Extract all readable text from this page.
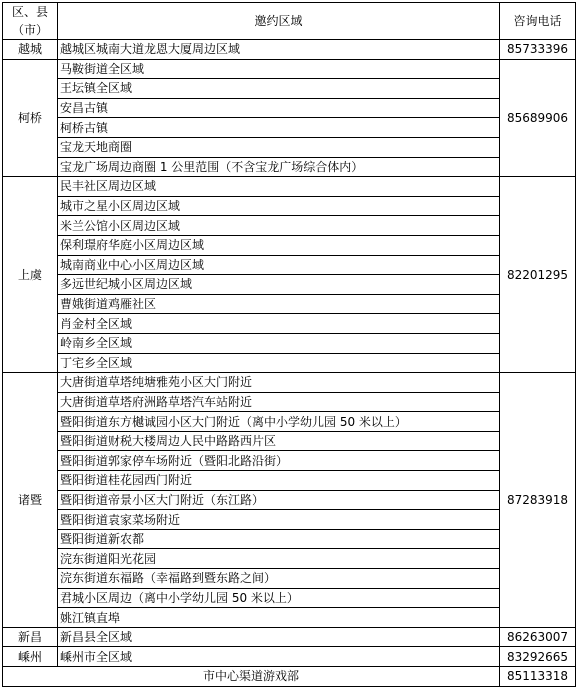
区、县
（市）	邀约区域	咨询电话
越城	越城区城南大道龙恩大厦周边区域	85733396
柯桥	马鞍街道全区域	85689906
	王坛镇全区域	
	安昌古镇	
	柯桥古镇	
	宝龙天地商圈	
	宝龙广场周边商圈 1 公里范围（不含宝龙广场综合体内）	
上虞	民丰社区周边区域	82201295
	城市之星小区周边区域	
	米兰公馆小区周边区域	
	保利璟府华庭小区周边区域	
	城南商业中心小区周边区域	
	多远世纪城小区周边区域	
	曹娥街道鸡雁社区	
	肖金村全区域	
	岭南乡全区域	
	丁宅乡全区域	
诸暨	大唐街道草塔纯塘雅苑小区大门附近	87283918
	大唐街道草塔府洲路草塔汽车站附近	
	暨阳街道东方樾诚园小区大门附近（离中小学幼儿园 50 米以上）	
	暨阳街道财税大楼周边人民中路路西片区	
	暨阳街道郭家停车场附近（暨阳北路沿街）	
	暨阳街道桂花园西门附近	
	暨阳街道帝景小区大门附近（东江路）	
	暨阳街道袁家菜场附近	
	暨阳街道新农都	
	浣东街道阳光花园	
	浣东街道东福路（幸福路到暨东路之间）	
	君城小区周边（离中小学幼儿园 50 米以上）	
	姚江镇直埠	
新昌	新昌县全区域	86263007
嵊州	嵊州市全区域	83292665
市中心渠道游戏部		85113318
